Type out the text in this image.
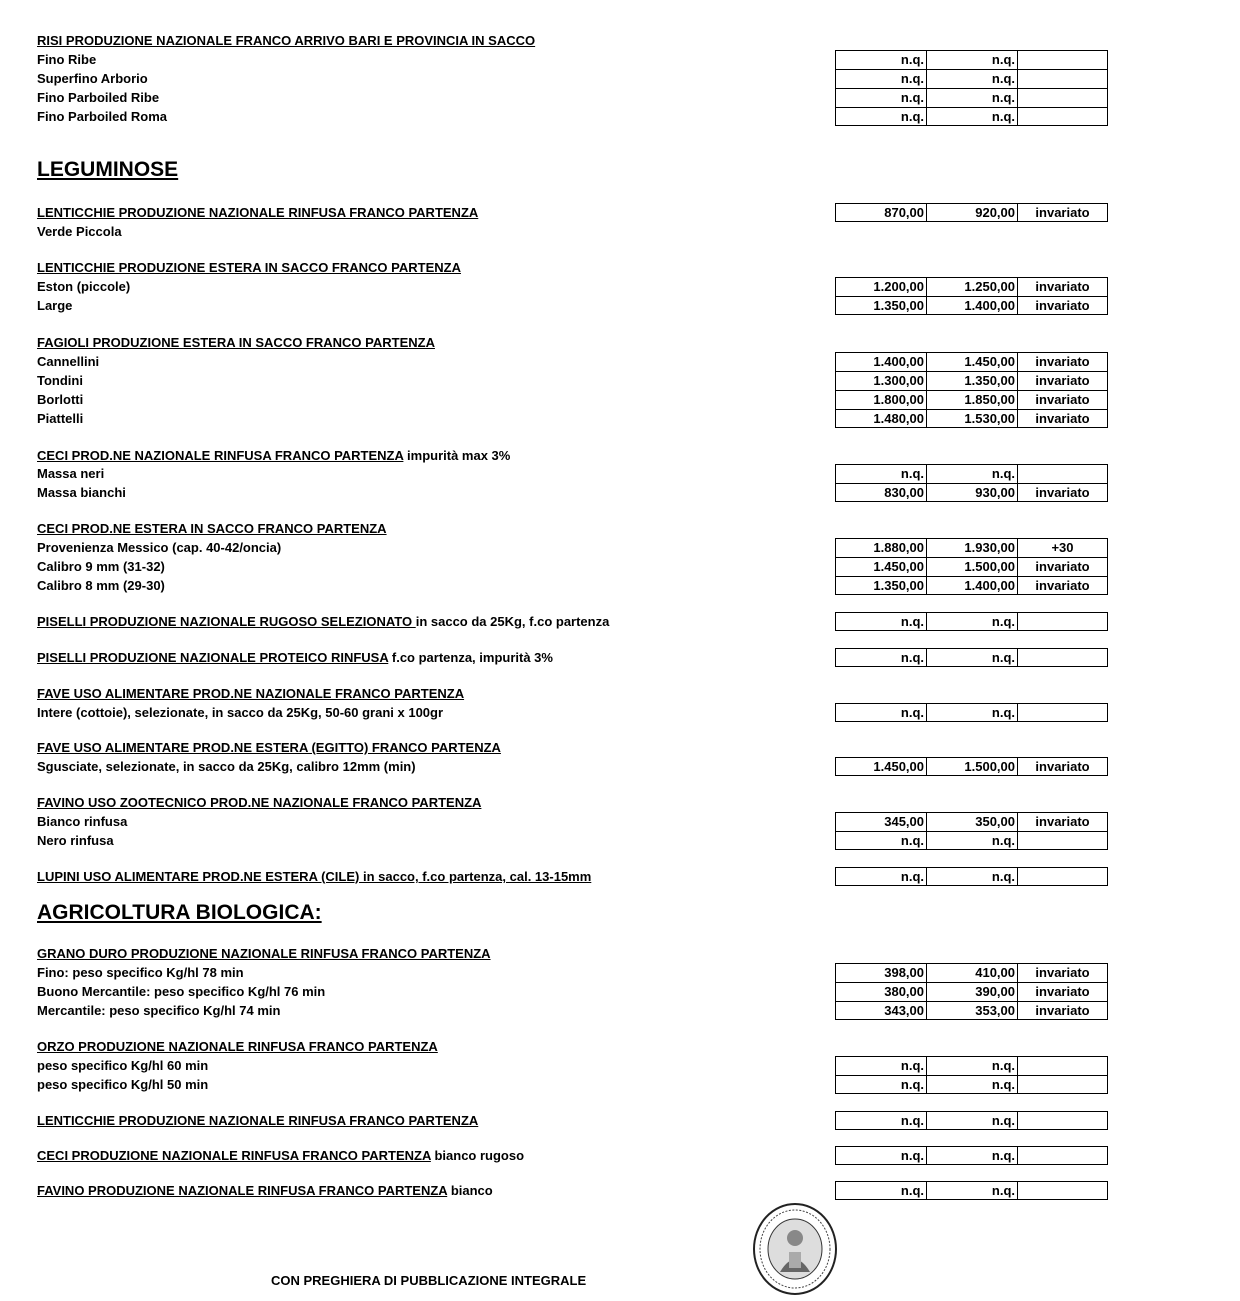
RISI PRODUZIONE NAZIONALE FRANCO ARRIVO BARI E PROVINCIA IN SACCO
Fino Ribe	n.q.	n.q.
Superfino Arborio	n.q.	n.q.
Fino Parboiled Ribe	n.q.	n.q.
Fino Parboiled Roma	n.q.	n.q.
LEGUMINOSE
LENTICCHIE PRODUZIONE NAZIONALE RINFUSA FRANCO PARTENZA	870,00	920,00	invariato
Verde Piccola
LENTICCHIE PRODUZIONE ESTERA IN SACCO FRANCO PARTENZA
Eston (piccole)	1.200,00	1.250,00	invariato
Large	1.350,00	1.400,00	invariato
FAGIOLI PRODUZIONE ESTERA IN SACCO FRANCO PARTENZA
Cannellini	1.400,00	1.450,00	invariato
Tondini	1.300,00	1.350,00	invariato
Borlotti	1.800,00	1.850,00	invariato
Piattelli	1.480,00	1.530,00	invariato
CECI PROD.NE NAZIONALE RINFUSA FRANCO PARTENZA impurità max 3%
Massa neri	n.q.	n.q.
Massa bianchi	830,00	930,00	invariato
CECI PROD.NE ESTERA IN SACCO FRANCO PARTENZA
Provenienza Messico (cap. 40-42/oncia)	1.880,00	1.930,00	+30
Calibro 9 mm (31-32)	1.450,00	1.500,00	invariato
Calibro 8 mm (29-30)	1.350,00	1.400,00	invariato
PISELLI PRODUZIONE NAZIONALE RUGOSO SELEZIONATO in sacco da 25Kg, f.co partenza	n.q.	n.q.
PISELLI PRODUZIONE NAZIONALE PROTEICO RINFUSA f.co partenza, impurità 3%	n.q.	n.q.
FAVE USO ALIMENTARE PROD.NE NAZIONALE FRANCO PARTENZA
Intere (cottoie), selezionate, in sacco da 25Kg, 50-60 grani x 100gr	n.q.	n.q.
FAVE USO ALIMENTARE PROD.NE ESTERA (EGITTO) FRANCO PARTENZA
Sgusciate, selezionate, in sacco da 25Kg, calibro 12mm (min)	1.450,00	1.500,00	invariato
FAVINO USO ZOOTECNICO PROD.NE NAZIONALE FRANCO PARTENZA
Bianco rinfusa	345,00	350,00	invariato
Nero rinfusa	n.q.	n.q.
LUPINI USO ALIMENTARE PROD.NE ESTERA (CILE) in sacco, f.co partenza, cal. 13-15mm	n.q.	n.q.
AGRICOLTURA BIOLOGICA:
GRANO DURO PRODUZIONE NAZIONALE RINFUSA FRANCO PARTENZA
Fino: peso specifico Kg/hl 78 min	398,00	410,00	invariato
Buono Mercantile: peso specifico Kg/hl 76 min	380,00	390,00	invariato
Mercantile: peso specifico Kg/hl 74 min	343,00	353,00	invariato
ORZO PRODUZIONE NAZIONALE RINFUSA FRANCO PARTENZA
peso specifico Kg/hl 60 min	n.q.	n.q.
peso specifico Kg/hl 50 min	n.q.	n.q.
LENTICCHIE PRODUZIONE NAZIONALE RINFUSA FRANCO PARTENZA	n.q.	n.q.
CECI PRODUZIONE NAZIONALE RINFUSA FRANCO PARTENZA bianco rugoso	n.q.	n.q.
FAVINO PRODUZIONE NAZIONALE RINFUSA FRANCO PARTENZA bianco	n.q.	n.q.
CON PREGHIERA DI PUBBLICAZIONE INTEGRALE
